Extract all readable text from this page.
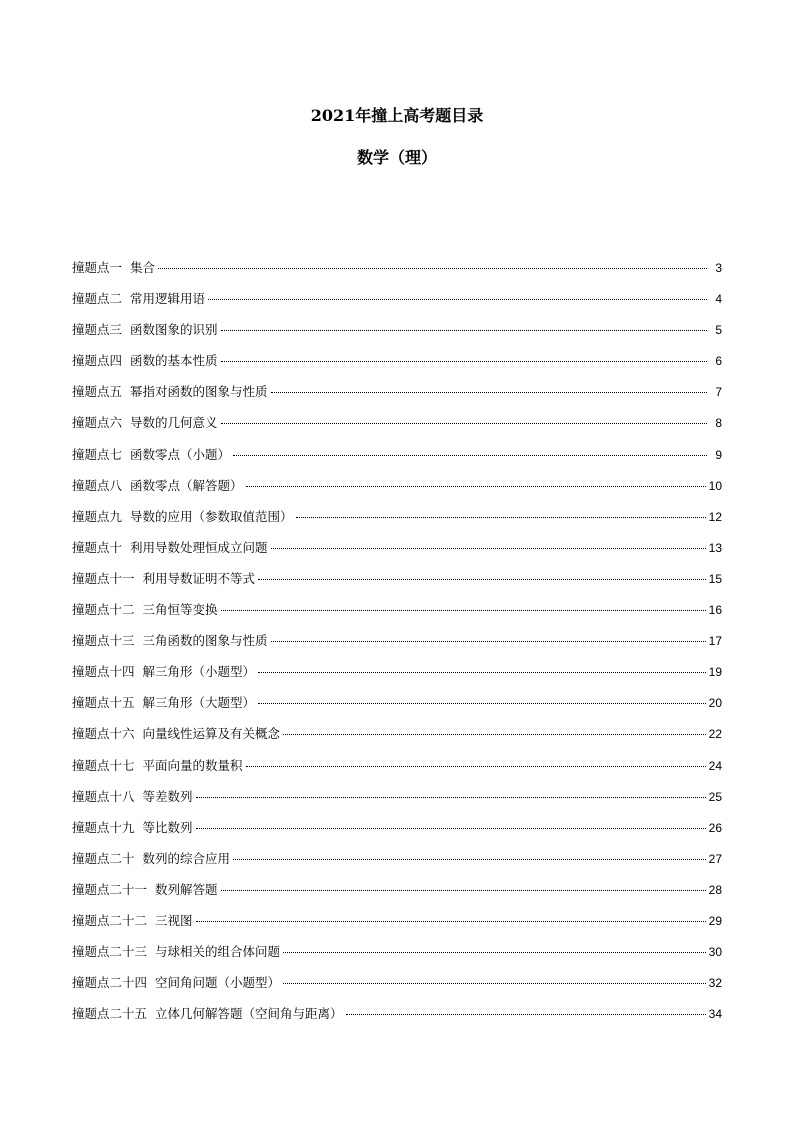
2021年撞上高考题目录
数学（理）
撞题点一 集合	3
撞题点二 常用逻辑用语	4
撞题点三 函数图象的识别	5
撞题点四 函数的基本性质	6
撞题点五 幂指对函数的图象与性质	7
撞题点六 导数的几何意义	8
撞题点七 函数零点（小题）	9
撞题点八 函数零点（解答题）	10
撞题点九 导数的应用（参数取值范围）	12
撞题点十 利用导数处理恒成立问题	13
撞题点十一 利用导数证明不等式	15
撞题点十二 三角恒等变换	16
撞题点十三 三角函数的图象与性质	17
撞题点十四 解三角形（小题型）	19
撞题点十五 解三角形（大题型）	20
撞题点十六 向量线性运算及有关概念	22
撞题点十七 平面向量的数量积	24
撞题点十八 等差数列	25
撞题点十九 等比数列	26
撞题点二十 数列的综合应用	27
撞题点二十一 数列解答题	28
撞题点二十二 三视图	29
撞题点二十三 与球相关的组合体问题	30
撞题点二十四 空间角问题（小题型）	32
撞题点二十五 立体几何解答题（空间角与距离）	34
